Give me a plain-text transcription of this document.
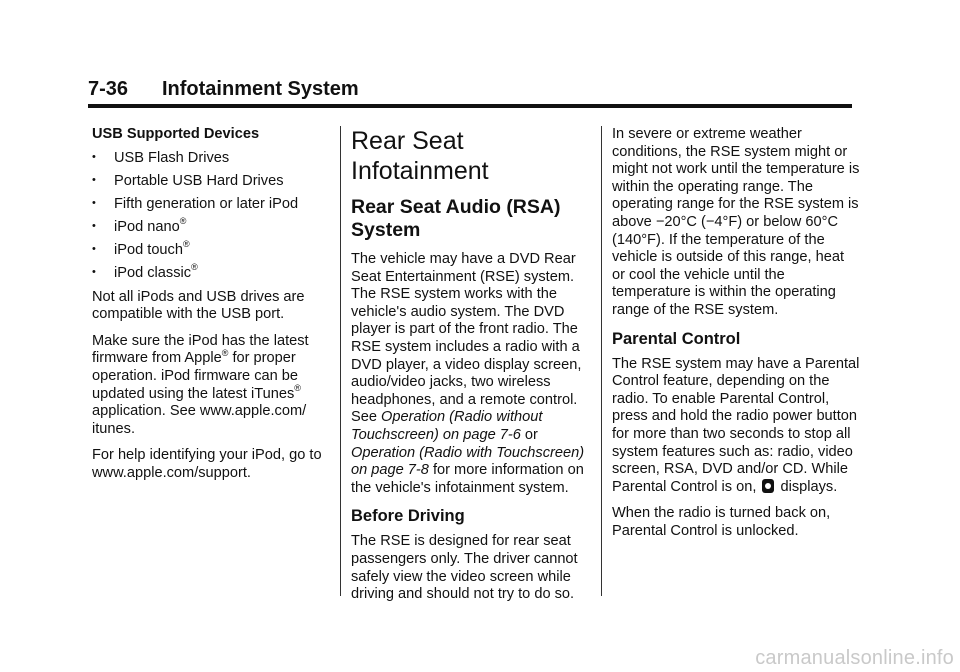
7-36 Infotainment System

USB Supported Devices

• USB Flash Drives
• Portable USB Hard Drives
• Fifth generation or later iPod
• iPod nano®
• iPod touch®
• iPod classic®

Not all iPods and USB drives are compatible with the USB port.

Make sure the iPod has the latest firmware from Apple® for proper operation. iPod firmware can be updated using the latest iTunes® application. See www.apple.com/ itunes.

For help identifying your iPod, go to www.apple.com/support.

Rear Seat Infotainment
Rear Seat Audio (RSA) System

The vehicle may have a DVD Rear Seat Entertainment (RSE) system. The RSE system works with the vehicle's audio system. The DVD player is part of the front radio. The RSE system includes a radio with a DVD player, a video display screen, audio/video jacks, two wireless headphones, and a remote control. See Operation (Radio without Touchscreen) on page 7-6 or Operation (Radio with Touchscreen) on page 7-8 for more information on the vehicle's infotainment system.

Before Driving

The RSE is designed for rear seat passengers only. The driver cannot safely view the video screen while driving and should not try to do so.

In severe or extreme weather conditions, the RSE system might or might not work until the temperature is within the operating range. The operating range for the RSE system is above −20°C (−4°F) or below 60°C (140°F). If the temperature of the vehicle is outside of this range, heat or cool the vehicle until the temperature is within the operating range of the RSE system.

Parental Control

The RSE system may have a Parental Control feature, depending on the radio. To enable Parental Control, press and hold the radio power button for more than two seconds to stop all system features such as: radio, video screen, RSA, DVD and/or CD. While Parental Control is on,  displays.

When the radio is turned back on, Parental Control is unlocked.

carmanualsonline.info
